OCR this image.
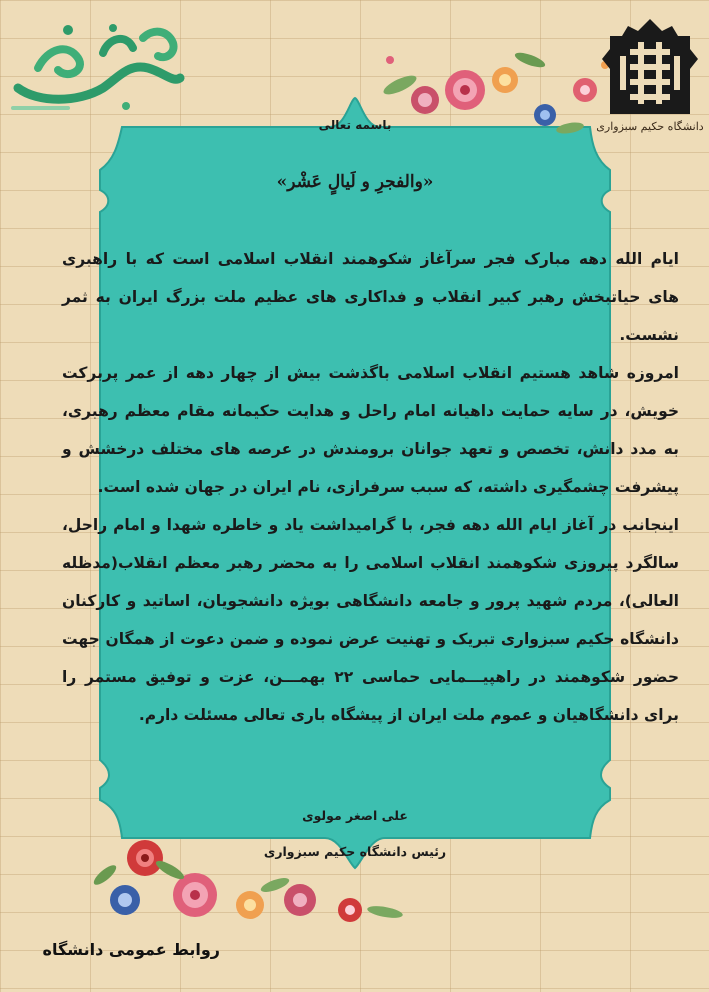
دانشگاه حکیم سبزواری
باسمه تعالی
«والفجرِ و لَیالٍ عَشْر»

ایام الله دهه مبارک فجر سرآغاز شکوهمند انقلاب اسلامی است که با راهبری های حیاتبخش رهبر کبیر انقلاب و فداکاری های عظیم ملت بزرگ ایران به ثمر نشست.

امروزه شاهد هستیم انقلاب اسلامی باگذشت بیش از چهار دهه از عمر پربرکت خویش، در سایه حمایت داهیانه امام راحل و هدایت حکیمانه مقام معظم رهبری، به مدد دانش، تخصص و تعهد جوانان برومندش در عرصه های مختلف درخشش و پیشرفت چشمگیری داشته، که سبب سرفرازی، نام ایران در جهان شده است.

اینجانب در آغاز ایام الله دهه فجر، با گرامیداشت یاد و خاطره شهدا و امام راحل، سالگرد پیروزی شکوهمند انقلاب اسلامی را به محضر رهبر معظم انقلاب(مدظله العالی)، مردم شهید پرور و جامعه دانشگاهی بویژه دانشجویان، اساتید و کارکنان دانشگاه حکیم سبزواری تبریک و تهنیت عرض نموده و ضمن دعوت از همگان جهت حضور شکوهمند در راهپیـــمایی حماسی ۲۲ بهمـــن، عزت و توفیق مستمر را برای دانشگاهیان و عموم ملت ایران از پیشگاه باری تعالی مسئلت دارم.

علی اصغر مولوی
رئیس دانشگاه حکیم سبزواری
روابط عمومی دانشگاه
